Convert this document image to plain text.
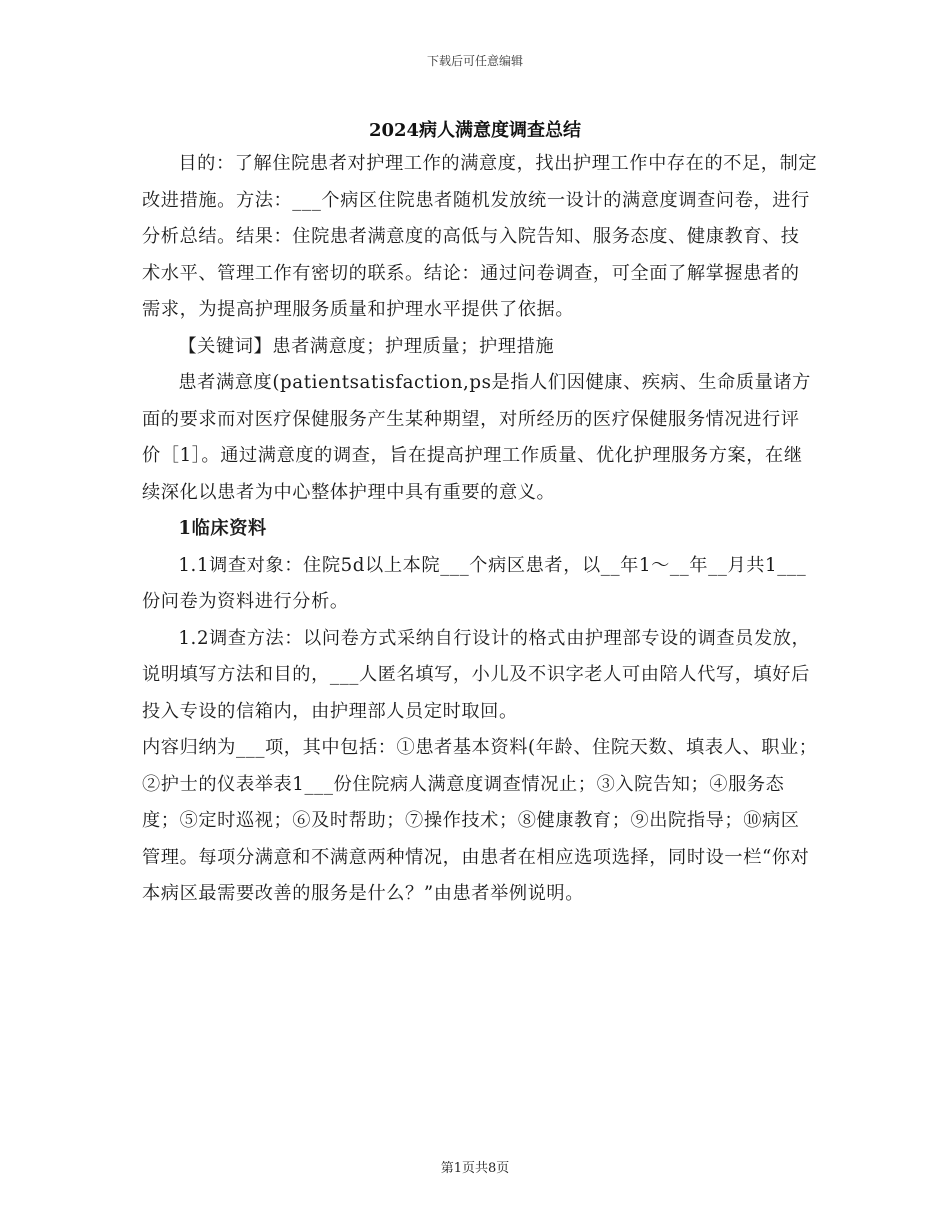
下载后可任意编辑
2024病人满意度调查总结

目的：了解住院患者对护理工作的满意度，找出护理工作中存在的不足，制定改进措施。方法：___个病区住院患者随机发放统一设计的满意度调查问卷，进行分析总结。结果：住院患者满意度的高低与入院告知、服务态度、健康教育、技术水平、管理工作有密切的联系。结论：通过问卷调查，可全面了解掌握患者的需求，为提高护理服务质量和护理水平提供了依据。

【关键词】患者满意度；护理质量；护理措施

患者满意度(patientsatisfaction,ps是指人们因健康、疾病、生命质量诸方面的要求而对医疗保健服务产生某种期望，对所经历的医疗保健服务情况进行评价［1］。通过满意度的调查，旨在提高护理工作质量、优化护理服务方案，在继续深化以患者为中心整体护理中具有重要的意义。

1临床资料

1.1调查对象：住院5d以上本院___个病区患者，以__年1～__年__月共1___份问卷为资料进行分析。

1.2调查方法：以问卷方式采纳自行设计的格式由护理部专设的调查员发放，说明填写方法和目的，___人匿名填写，小儿及不识字老人可由陪人代写，填好后投入专设的信箱内，由护理部人员定时取回。

内容归纳为___项，其中包括：①患者基本资料(年龄、住院天数、填表人、职业；②护士的仪表举表1___份住院病人满意度调查情况止；③入院告知；④服务态度；⑤定时巡视；⑥及时帮助；⑦操作技术；⑧健康教育；⑨出院指导；⑩病区管理。每项分满意和不满意两种情况，由患者在相应选项选择，同时设一栏“你对本病区最需要改善的服务是什么？”由患者举例说明。

第1页共8页
